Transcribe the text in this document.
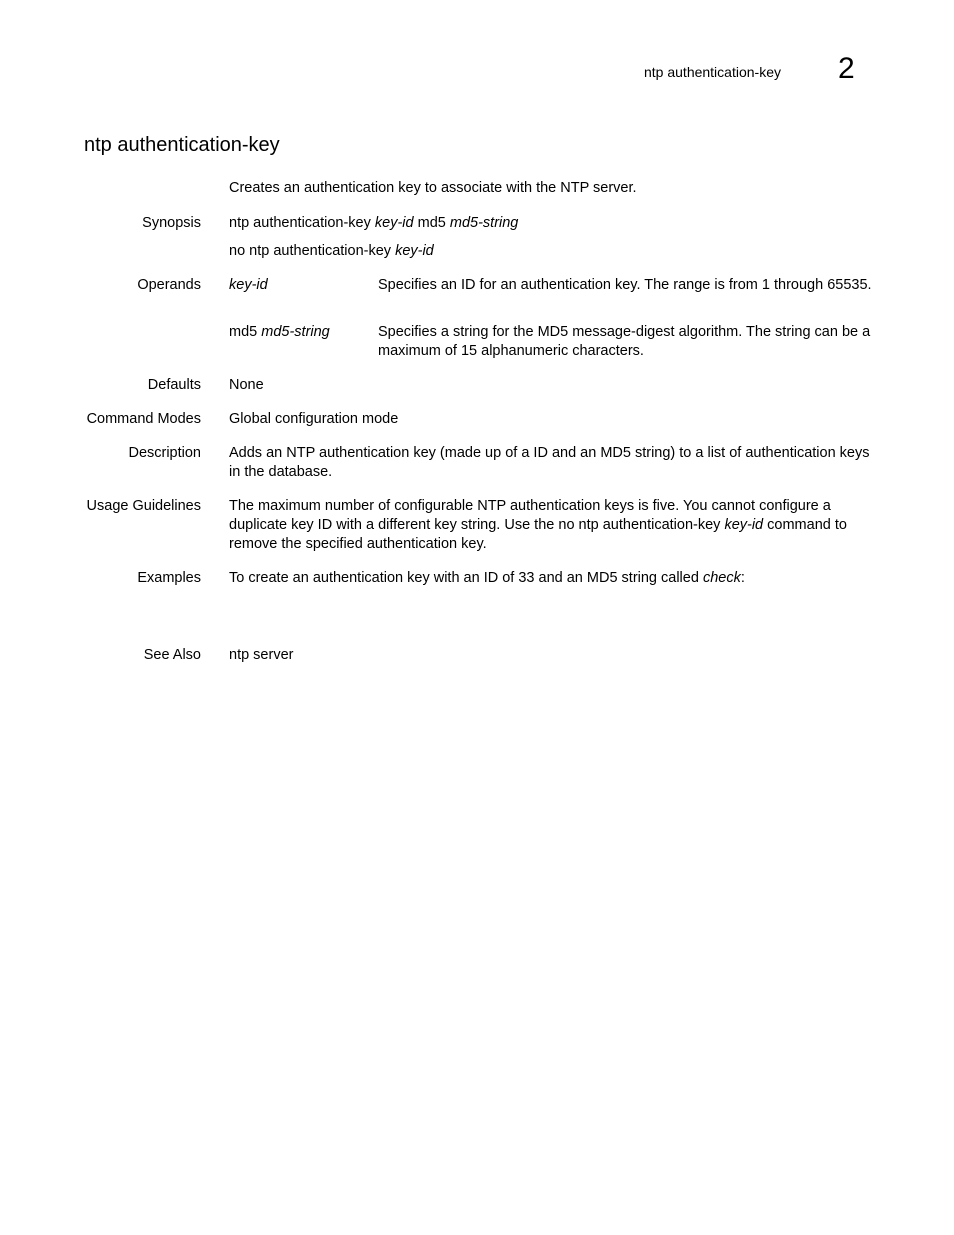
ntp authentication-key 2
ntp authentication-key
Creates an authentication key to associate with the NTP server.
Synopsis ntp authentication-key key-id md5 md5-string

no ntp authentication-key key-id

Operands key-id	Specifies an ID for an authentication key. The range is from 1 through 65535.
md5 md5-string	Specifies a string for the MD5 message-digest algorithm. The string can be a maximum of 15 alphanumeric characters.
Defaults None
Command Modes Global configuration mode
Description Adds an NTP authentication key (made up of a ID and an MD5 string) to a list of authentication keys in the database.
Usage Guidelines The maximum number of configurable NTP authentication keys is five. You cannot configure a duplicate key ID with a different key string. Use the no ntp authentication-key key-id command to remove the specified authentication key.
Examples To create an authentication key with an ID of 33 and an MD5 string called check:
See Also ntp server
